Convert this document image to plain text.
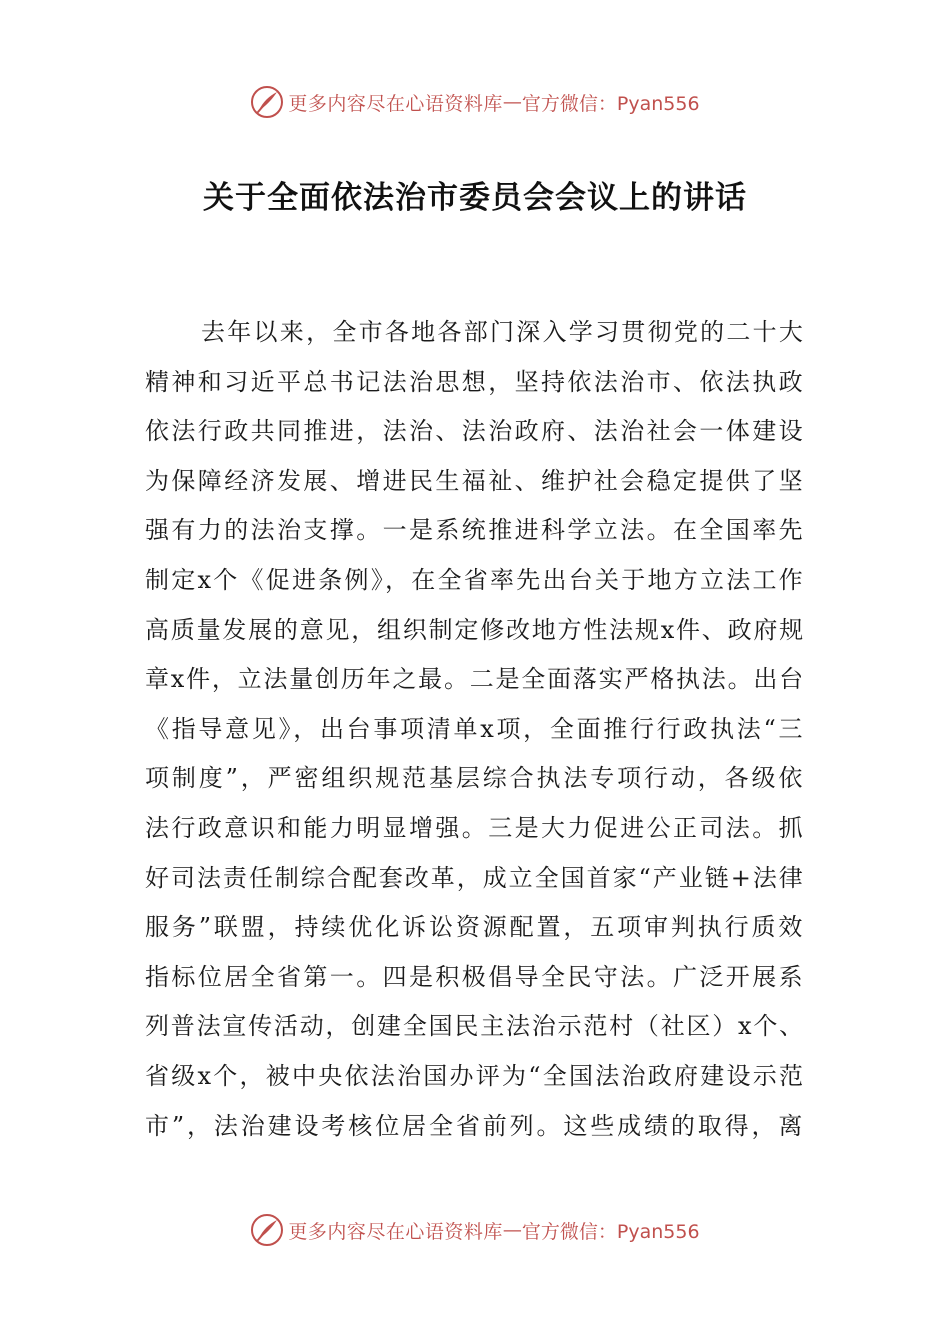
更多内容尽在心语资料库 — 官方微信：Pyan556
关于全面依法治市委员会会议上的讲话
去年以来，全市各地各部门深入学习贯彻党的二十大
精神和习近平总书记法治思想，坚持依法治市、依法执政
依法行政共同推进，法治、法治政府、法治社会一体建设
为保障经济发展、增进民生福祉、维护社会稳定提供了坚
强有力的法治支撑。一是系统推进科学立法。在全国率先
制定x个《促进条例》，在全省率先出台关于地方立法工作
高质量发展的意见，组织制定修改地方性法规x件、政府规
章x件，立法量创历年之最。二是全面落实严格执法。出台
《指导意见》，出台事项清单x项，全面推行行政执法“三
项制度”，严密组织规范基层综合执法专项行动，各级依
法行政意识和能力明显增强。三是大力促进公正司法。抓
好司法责任制综合配套改革，成立全国首家“产业链+法律
服务”联盟，持续优化诉讼资源配置，五项审判执行质效
指标位居全省第一。四是积极倡导全民守法。广泛开展系
列普法宣传活动，创建全国民主法治示范村（社区）x个、
省级x个，被中央依法治国办评为“全国法治政府建设示范
市”，法治建设考核位居全省前列。这些成绩的取得，离
更多内容尽在心语资料库 — 官方微信：Pyan556
